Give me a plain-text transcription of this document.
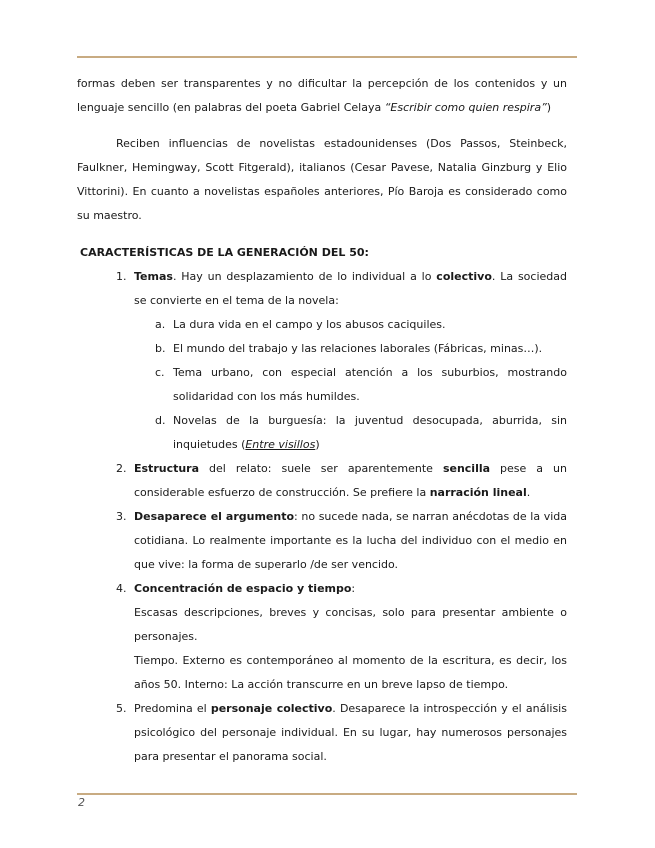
formas deben ser transparentes y no dificultar la percepción de los contenidos y un lenguaje sencillo (en palabras del poeta Gabriel Celaya “Escribir como quien respira”)

Reciben influencias de novelistas estadounidenses (Dos Passos, Steinbeck, Faulkner, Hemingway, Scott Fitgerald), italianos (Cesar Pavese, Natalia Ginzburg y Elio Vittorini). En cuanto a novelistas españoles anteriores, Pío Baroja es considerado como su maestro.

CARACTERÍSTICAS DE LA GENERACIÓN DEL 50:
1. Temas. Hay un desplazamiento de lo individual a lo colectivo. La sociedad se convierte en el tema de la novela:
a. La dura vida en el campo y los abusos caciquiles.
b. El mundo del trabajo y las relaciones laborales (Fábricas, minas…).
c. Tema urbano, con especial atención a los suburbios, mostrando solidaridad con los más humildes.
d. Novelas de la burguesía: la juventud desocupada, aburrida, sin inquietudes (Entre visillos)
2. Estructura del relato: suele ser aparentemente sencilla pese a un considerable esfuerzo de construcción. Se prefiere la narración lineal.
3. Desaparece el argumento: no sucede nada, se narran anécdotas de la vida cotidiana. Lo realmente importante es la lucha del individuo con el medio en que vive: la forma de superarlo /de ser vencido.
4. Concentración de espacio y tiempo:
Escasas descripciones, breves y concisas, solo para presentar ambiente o personajes.
Tiempo. Externo es contemporáneo al momento de la escritura, es decir, los años 50. Interno: La acción transcurre en un breve lapso de tiempo.
5. Predomina el personaje colectivo. Desaparece la introspección y el análisis psicológico del personaje individual. En su lugar, hay numerosos personajes para presentar el panorama social.
2
